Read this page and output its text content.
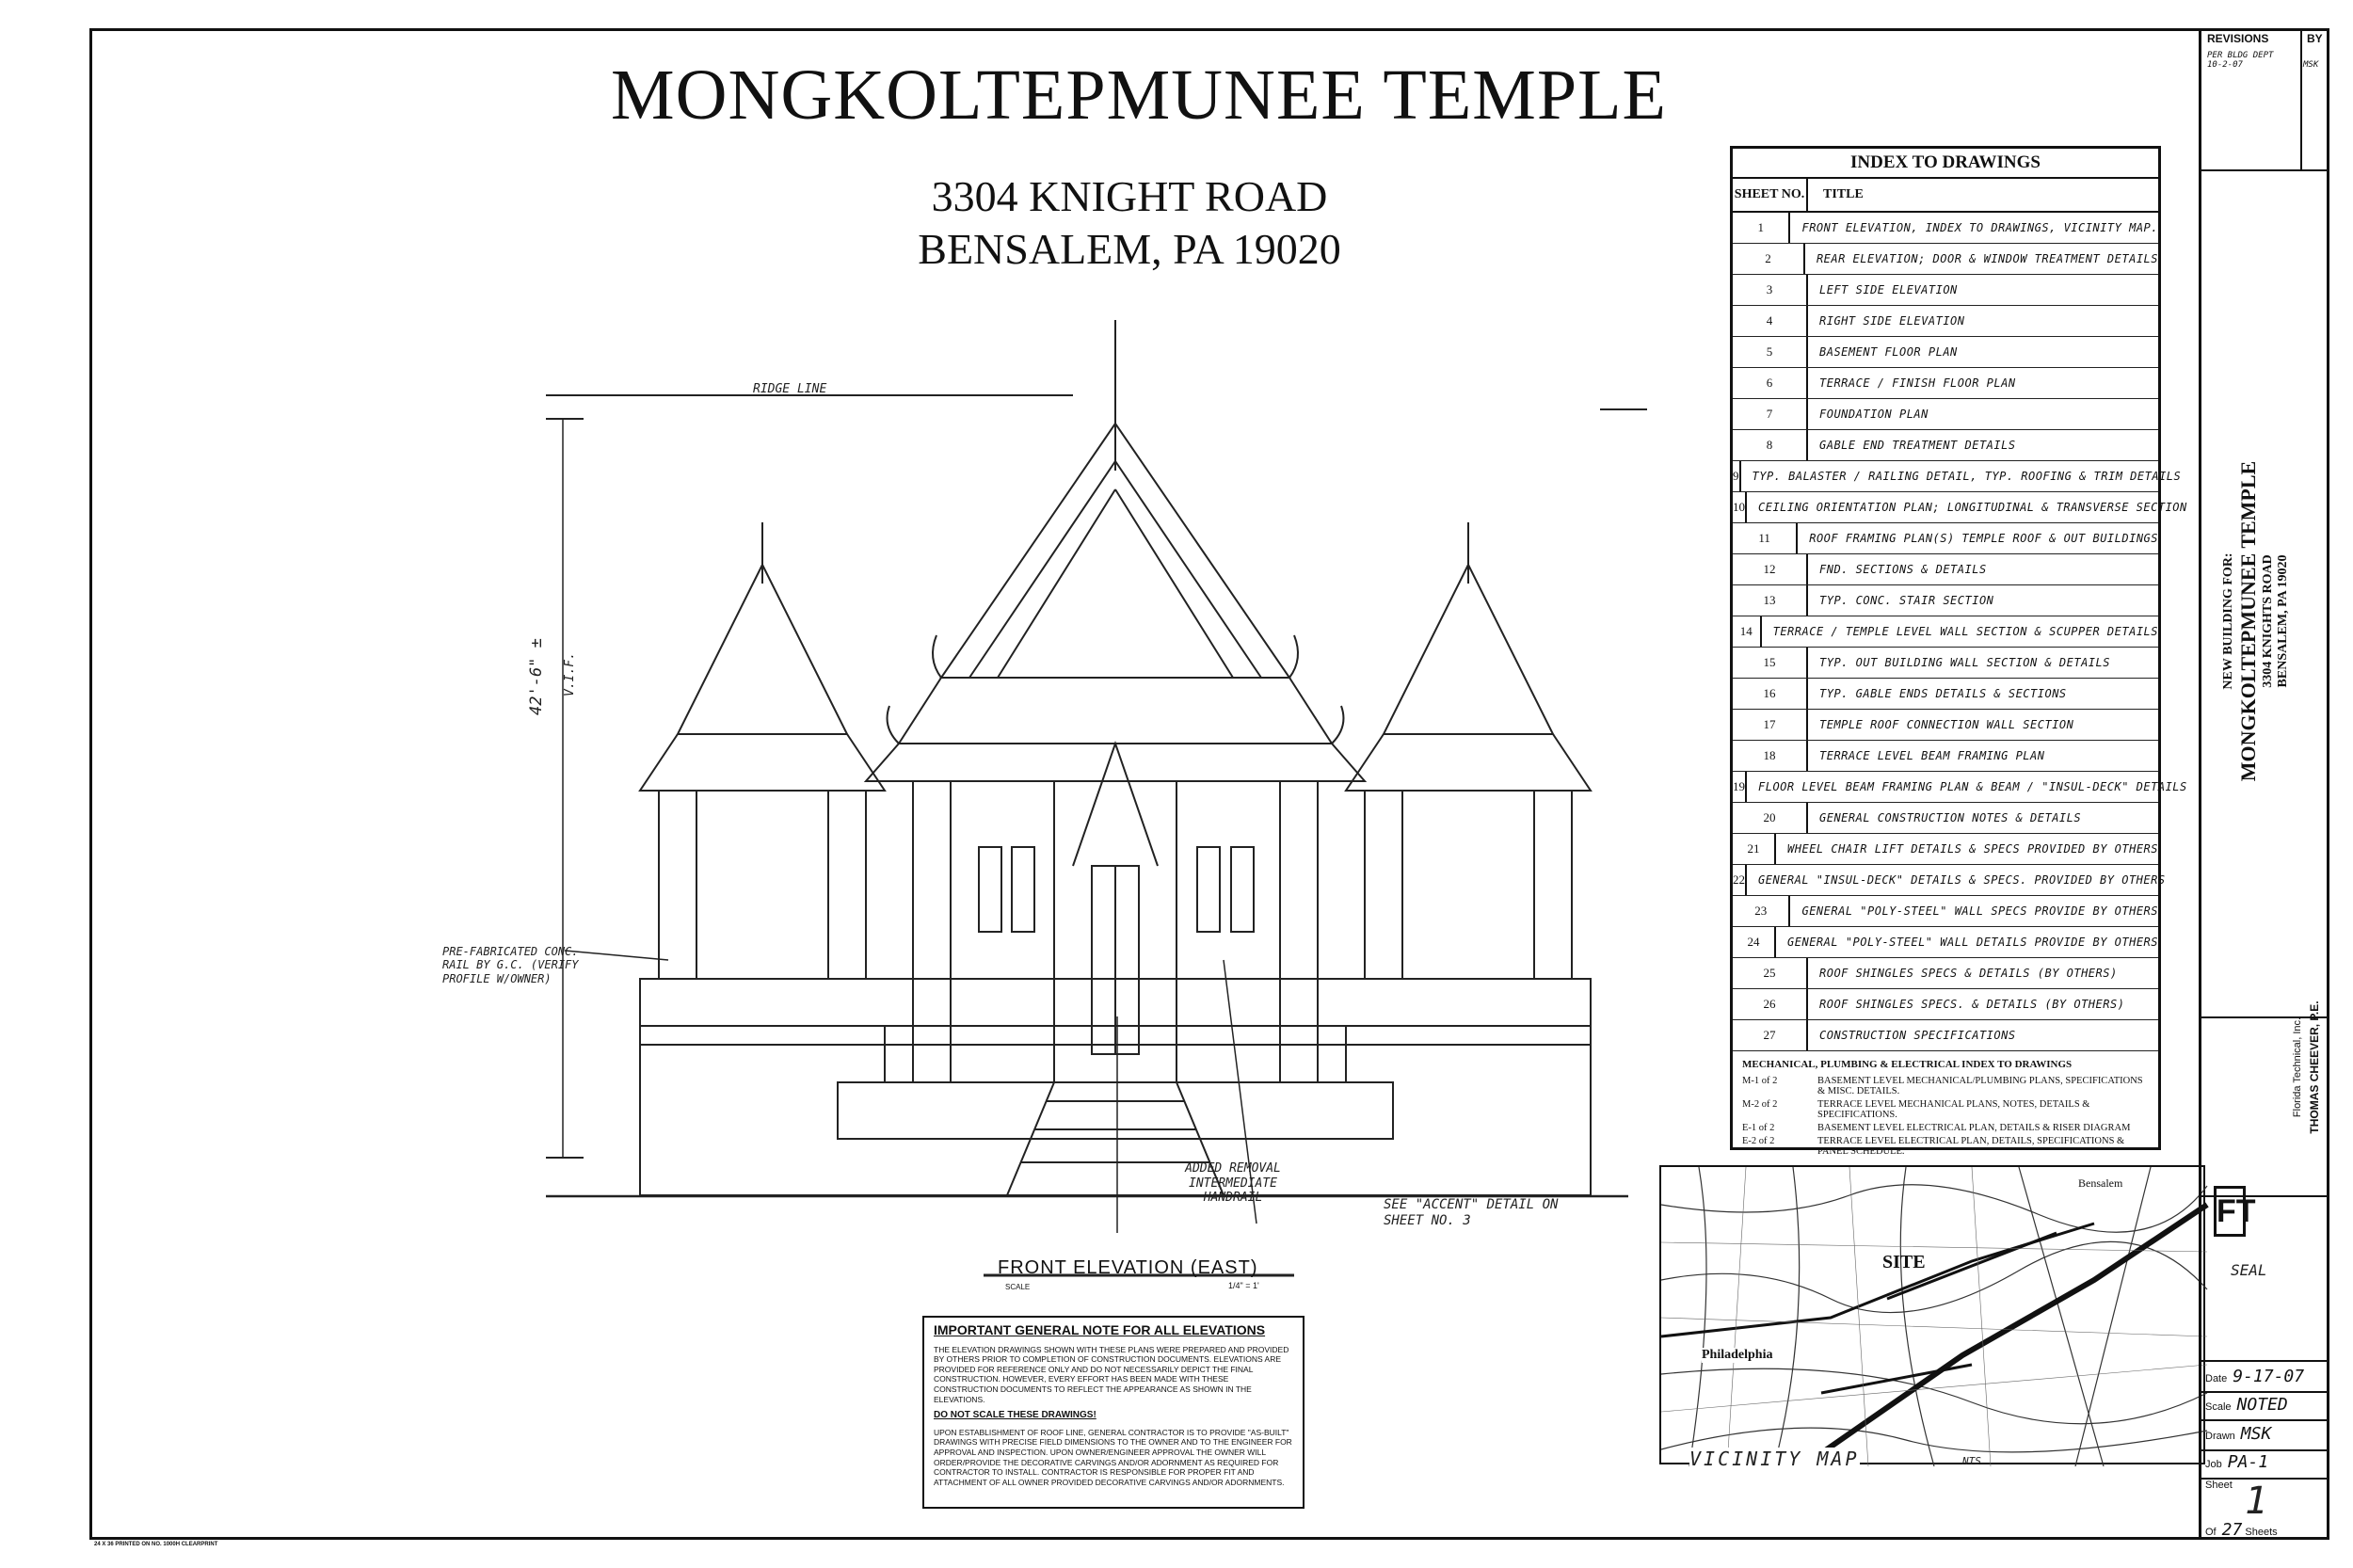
MONGKOLTEPMUNEE TEMPLE
3304 KNIGHT ROAD
BENSALEM, PA 19020
RIDGE LINE
42'-6" ± V.I.F.
PRE-FABRICATED CONC. RAIL BY G.C. (VERIFY PROFILE W/OWNER)
ADDED REMOVAL INTERMEDIATE HANDRAIL	SEE "ACCENT" DETAIL ON SHEET NO. 3
FRONT ELEVATION (EAST)
SCALE	1/4" = 1'
INDEX TO DRAWINGS
SHEET NO.	TITLE
1	FRONT ELEVATION, INDEX TO DRAWINGS, VICINITY MAP.
2	REAR ELEVATION; DOOR & WINDOW TREATMENT DETAILS
3	LEFT SIDE ELEVATION
4	RIGHT SIDE ELEVATION
5	BASEMENT FLOOR PLAN
6	TERRACE / FINISH FLOOR PLAN
7	FOUNDATION PLAN
8	GABLE END TREATMENT DETAILS
9	TYP. BALASTER / RAILING DETAIL, TYP. ROOFING & TRIM DETAILS
10	CEILING ORIENTATION PLAN; LONGITUDINAL & TRANSVERSE SECTION
11	ROOF FRAMING PLAN(S) TEMPLE ROOF & OUT BUILDINGS
12	FND. SECTIONS & DETAILS
13	TYP. CONC. STAIR SECTION
14	TERRACE / TEMPLE LEVEL WALL SECTION & SCUPPER DETAILS
15	TYP. OUT BUILDING WALL SECTION & DETAILS
16	TYP. GABLE ENDS DETAILS & SECTIONS
17	TEMPLE ROOF CONNECTION WALL SECTION
18	TERRACE LEVEL BEAM FRAMING PLAN
19	FLOOR LEVEL BEAM FRAMING PLAN & BEAM / "INSUL-DECK" DETAILS
20	GENERAL CONSTRUCTION NOTES & DETAILS
21	WHEEL CHAIR LIFT DETAILS & SPECS PROVIDED BY OTHERS
22	GENERAL "INSUL-DECK" DETAILS & SPECS. PROVIDED BY OTHERS
23	GENERAL "POLY-STEEL" WALL SPECS PROVIDE BY OTHERS
24	GENERAL "POLY-STEEL" WALL DETAILS PROVIDE BY OTHERS
25	ROOF SHINGLES SPECS & DETAILS (BY OTHERS)
26	ROOF SHINGLES SPECS. & DETAILS (BY OTHERS)
27	CONSTRUCTION SPECIFICATIONS
MECHANICAL, PLUMBING & ELECTRICAL INDEX TO DRAWINGS
M-1 of 2	BASEMENT LEVEL MECHANICAL/PLUMBING PLANS, SPECIFICATIONS & MISC. DETAILS.
M-2 of 2	TERRACE LEVEL MECHANICAL PLANS, NOTES, DETAILS & SPECIFICATIONS.
E-1 of 2	BASEMENT LEVEL ELECTRICAL PLAN, DETAILS & RISER DIAGRAM
E-2 of 2	TERRACE LEVEL ELECTRICAL PLAN, DETAILS, SPECIFICATIONS & PANEL SCHEDULE.
IMPORTANT GENERAL NOTE FOR ALL ELEVATIONS

THE ELEVATION DRAWINGS SHOWN WITH THESE PLANS WERE PREPARED AND PROVIDED BY OTHERS PRIOR TO COMPLETION OF CONSTRUCTION DOCUMENTS. ELEVATIONS ARE PROVIDED FOR REFERENCE ONLY AND DO NOT NECESSARILY DEPICT THE FINAL CONSTRUCTION. HOWEVER, EVERY EFFORT HAS BEEN MADE WITH THESE CONSTRUCTION DOCUMENTS TO REFLECT THE APPEARANCE AS SHOWN IN THE ELEVATIONS.

DO NOT SCALE THESE DRAWINGS!

UPON ESTABLISHMENT OF ROOF LINE, GENERAL CONTRACTOR IS TO PROVIDE "AS-BUILT" DRAWINGS WITH PRECISE FIELD DIMENSIONS TO THE OWNER AND TO THE ENGINEER FOR APPROVAL AND INSPECTION. UPON OWNER/ENGINEER APPROVAL THE OWNER WILL ORDER/PROVIDE THE DECORATIVE CARVINGS AND/OR ADORNMENT AS REQUIRED FOR CONTRACTOR TO INSTALL. CONTRACTOR IS RESPONSIBLE FOR PROPER FIT AND ATTACHMENT OF ALL OWNER PROVIDED DECORATIVE CARVINGS AND/OR ADORNMENTS.

SITE
Philadelphia
Bensalem
VICINITY MAP	NTS
REVISIONS	BY
PER BLDG DEPT 10-2-07	MSK
NEW BUILDING FOR: MONGKOLTEPMUNEE TEMPLE 3304 KNIGHTS ROAD BENSALEM, PA 19020
FT
Florida Technical, Inc. THOMAS CHEEVER, P.E.
SEAL
Date 9-17-07
Scale NOTED
Drawn MSK
Job PA-1
Sheet 1
Of 27 Sheets
24 X 36 PRINTED ON NO. 1000H CLEARPRINT
